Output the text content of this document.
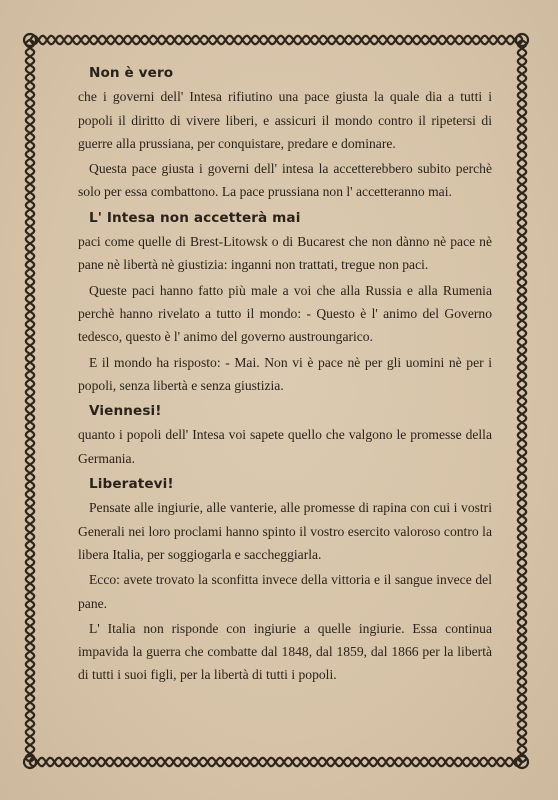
Non è vero

che i governi dell' Intesa rifiutino una pace giusta la quale dia a tutti i popoli il diritto di vivere liberi, e assicuri il mondo contro il ripetersi di guerre alla prussiana, per conquistare, predare e dominare.

Questa pace giusta i governi dell' intesa la accetterebbero subito perchè solo per essa combattono. La pace prussiana non l' accetteranno mai.

L' Intesa non accetterà mai

paci come quelle di Brest-Litowsk o di Bucarest che non dànno nè pace nè pane nè libertà nè giustizia: inganni non trattati, tregue non paci.

Queste paci hanno fatto più male a voi che alla Russia e alla Rumenia perchè hanno rivelato a tutto il mondo: - Questo è l' animo del Governo tedesco, questo è l' animo del governo austroungarico.

E il mondo ha risposto: - Mai. Non vi è pace nè per gli uomini nè per i popoli, senza libertà e senza giustizia.

Viennesi!

quanto i popoli dell' Intesa voi sapete quello che valgono le promesse della Germania.

Liberatevi!

Pensate alle ingiurie, alle vanterie, alle promesse di rapina con cui i vostri Generali nei loro proclami hanno spinto il vostro esercito valoroso contro la libera Italia, per soggiogarla e saccheggiarla.

Ecco: avete trovato la sconfitta invece della vittoria e il sangue invece del pane.

L' Italia non risponde con ingiurie a quelle ingiurie. Essa continua impavida la guerra che combatte dal 1848, dal 1859, dal 1866 per la libertà di tutti i suoi figli, per la libertà di tutti i popoli.
